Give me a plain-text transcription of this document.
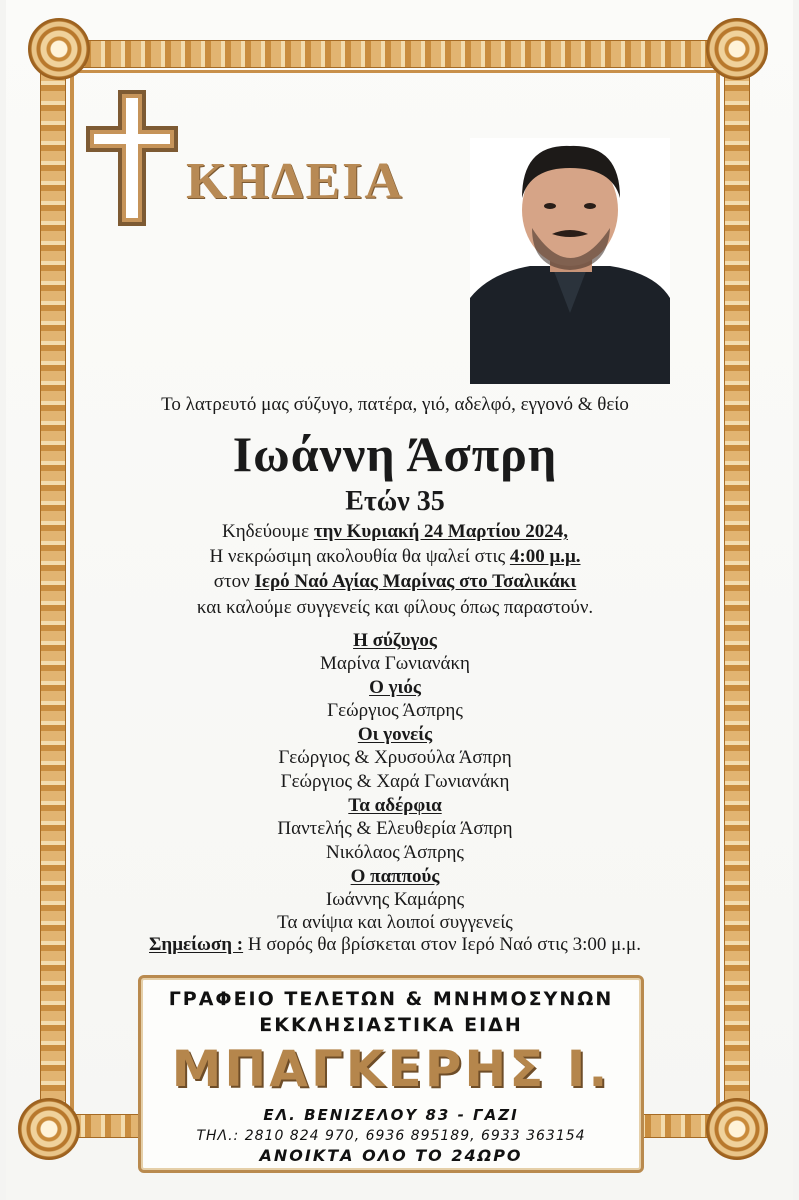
ΚΗΔΕΙΑ
Το λατρευτό μας σύζυγο, πατέρα, γιό, αδελφό, εγγονό & θείο
Ιωάννη Άσπρη
Ετών 35
Κηδεύουμε την Κυριακή 24 Μαρτίου 2024,
Η νεκρώσιμη ακολουθία θα ψαλεί στις 4:00 μ.μ.
στον Ιερό Ναό Αγίας Μαρίνας στο Τσαλικάκι
και καλούμε συγγενείς και φίλους όπως παραστούν.
Η σύζυγος
Μαρίνα Γωνιανάκη
Ο γιός
Γεώργιος Άσπρης
Οι γονείς
Γεώργιος & Χρυσούλα Άσπρη
Γεώργιος & Χαρά Γωνιανάκη
Τα αδέρφια
Παντελής & Ελευθερία Άσπρη
Νικόλαος Άσπρης
Ο παππούς
Ιωάννης Καμάρης
Τα ανίψια και λοιποί συγγενείς
Σημείωση : Η σορός θα βρίσκεται στον Ιερό Ναό στις 3:00 μ.μ.
ΓΡΑΦΕΙΟ ΤΕΛΕΤΩΝ & ΜΝΗΜΟΣΥΝΩΝ
ΕΚΚΛΗΣΙΑΣΤΙΚΑ ΕΙΔΗ
ΜΠΑΓΚΕΡΗΣ Ι.
ΕΛ. ΒΕΝΙΖΕΛΟΥ 83 - ΓΑΖΙ
ΤΗΛ.: 2810 824 970, 6936 895189, 6933 363154
ΑΝΟΙΚΤΑ ΟΛΟ ΤΟ 24ΩΡΟ
